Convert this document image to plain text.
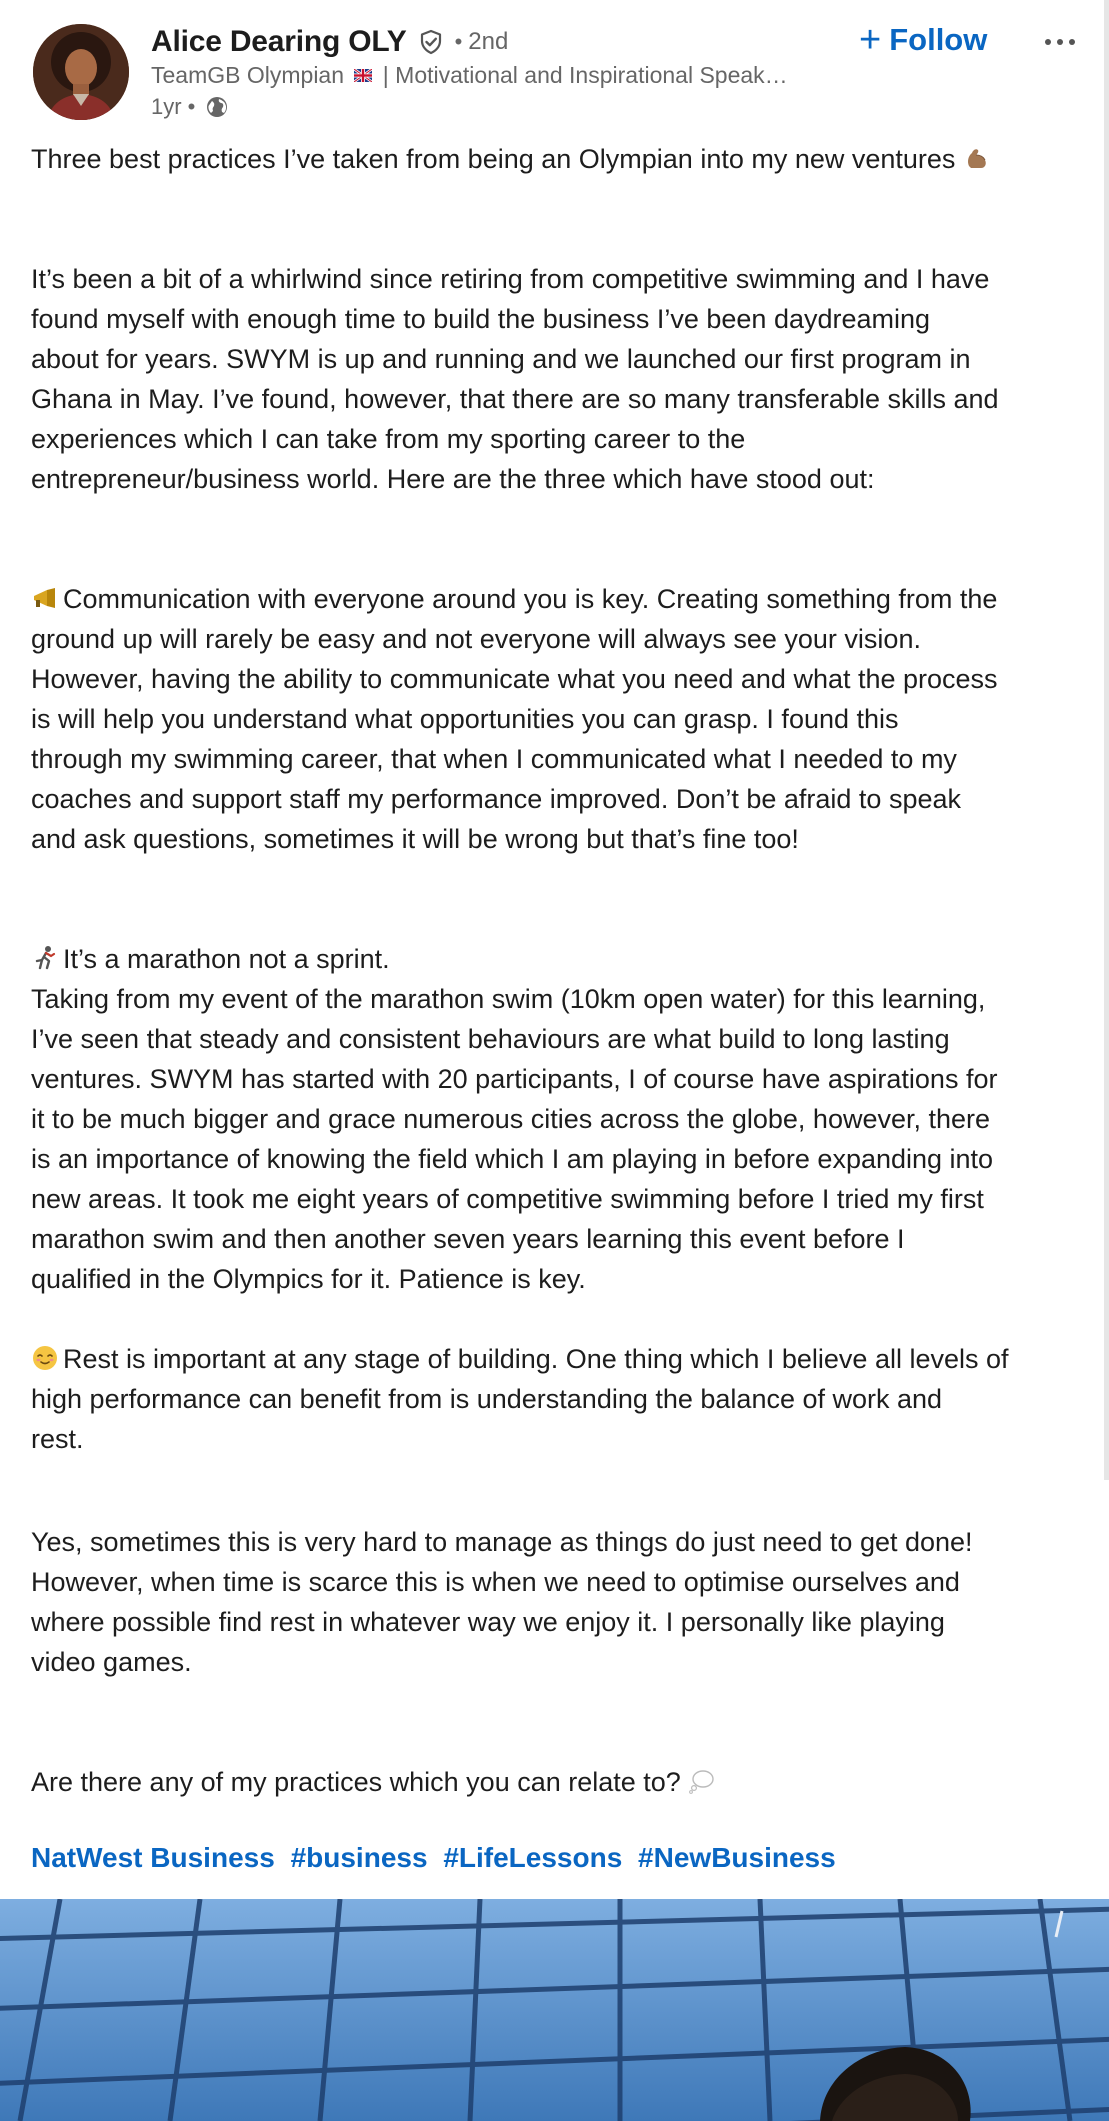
Alice Dearing OLY • 2nd
TeamGB Olympian | Motivational and Inspirational Speak…
1yr •
+ Follow
Three best practices I’ve taken from being an Olympian into my new ventures
It’s been a bit of a whirlwind since retiring from competitive swimming and I have
found myself with enough time to build the business I’ve been daydreaming
about for years. SWYM is up and running and we launched our first program in
Ghana in May. I’ve found, however, that there are so many transferable skills and
experiences which I can take from my sporting career to the
entrepreneur/business world. Here are the three which have stood out:
Communication with everyone around you is key. Creating something from the
ground up will rarely be easy and not everyone will always see your vision.
However, having the ability to communicate what you need and what the process
is will help you understand what opportunities you can grasp. I found this
through my swimming career, that when I communicated what I needed to my
coaches and support staff my performance improved. Don’t be afraid to speak
and ask questions, sometimes it will be wrong but that’s fine too!
It’s a marathon not a sprint.
Taking from my event of the marathon swim (10km open water) for this learning,
I’ve seen that steady and consistent behaviours are what build to long lasting
ventures. SWYM has started with 20 participants, I of course have aspirations for
it to be much bigger and grace numerous cities across the globe, however, there
is an importance of knowing the field which I am playing in before expanding into
new areas. It took me eight years of competitive swimming before I tried my first
marathon swim and then another seven years learning this event before I
qualified in the Olympics for it. Patience is key.
Rest is important at any stage of building. One thing which I believe all levels of
high performance can benefit from is understanding the balance of work and
rest.
Yes, sometimes this is very hard to manage as things do just need to get done!
However, when time is scarce this is when we need to optimise ourselves and
where possible find rest in whatever way we enjoy it. I personally like playing
video games.
Are there any of my practices which you can relate to?
NatWest Business #business #LifeLessons #NewBusiness
